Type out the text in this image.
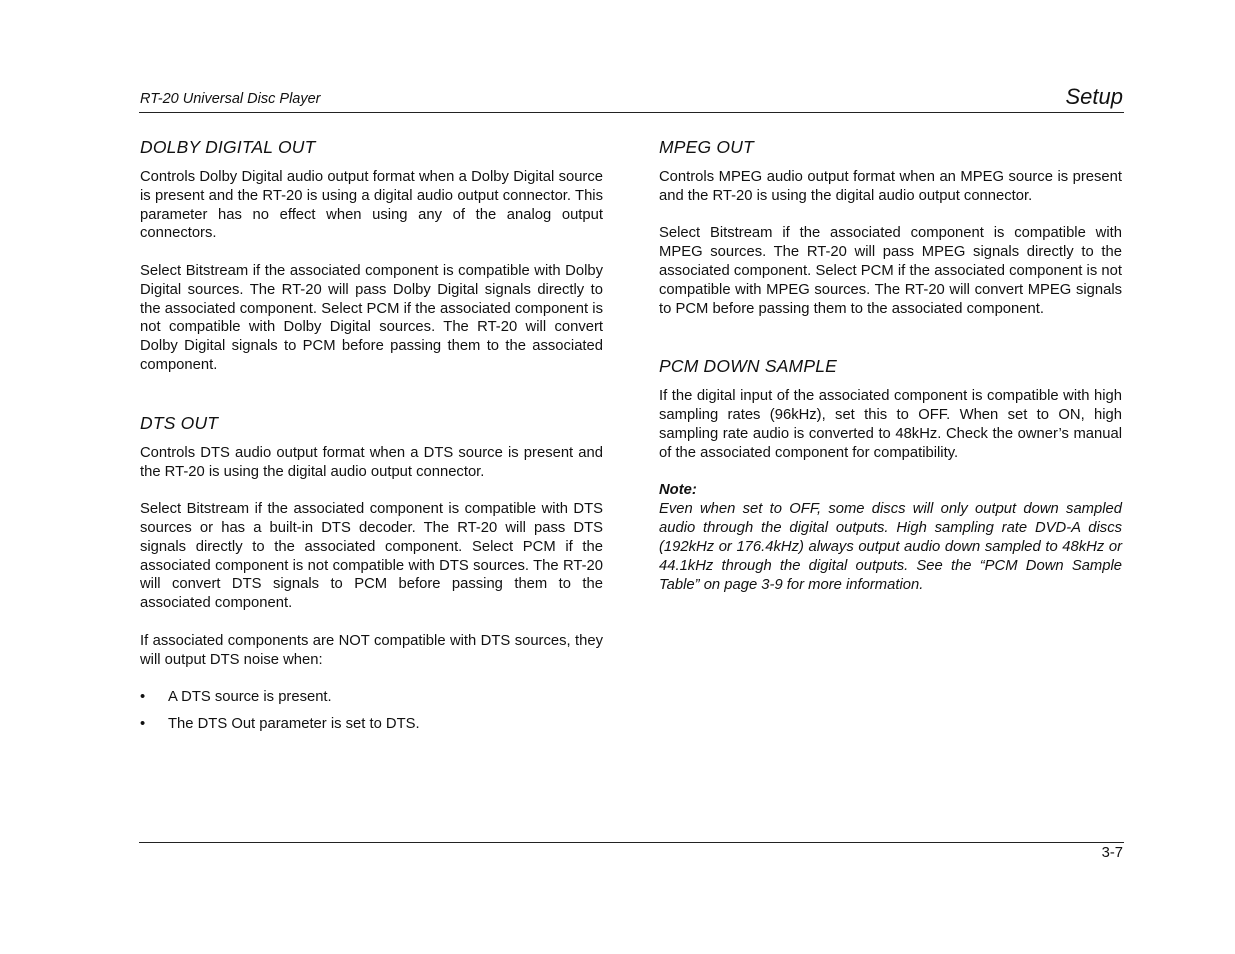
RT-20 Universal Disc Player	Setup
DOLBY DIGITAL OUT

Controls Dolby Digital audio output format when a Dolby Digital source is present and the RT-20 is using a digital audio output connector. This parameter has no effect when using any of the analog output connectors.

Select Bitstream if the associated component is compatible with Dolby Digital sources. The RT-20 will pass Dolby Digital signals directly to the associated component. Select PCM if the associated component is not compatible with Dolby Digital sources. The RT-20 will convert Dolby Digital signals to PCM before passing them to the associated component.

DTS OUT

Controls DTS audio output format when a DTS source is present and the RT-20 is using the digital audio output connector.

Select Bitstream if the associated component is compatible with DTS sources or has a built-in DTS decoder. The RT-20 will pass DTS signals directly to the associated component. Select PCM if the associated component is not compatible with DTS sources. The RT-20 will convert DTS signals to PCM before passing them to the associated component.

If associated components are NOT compatible with DTS sources, they will output DTS noise when:

• A DTS source is present.
• The DTS Out parameter is set to DTS.
MPEG OUT

Controls MPEG audio output format when an MPEG source is present and the RT-20 is using the digital audio output connector.

Select Bitstream if the associated component is compatible with MPEG sources. The RT-20 will pass MPEG signals directly to the associated component. Select PCM if the associated component is not compatible with MPEG sources. The RT-20 will convert MPEG signals to PCM before passing them to the associated component.

PCM DOWN SAMPLE

If the digital input of the associated component is compatible with high sampling rates (96kHz), set this to OFF. When set to ON, high sampling rate audio is converted to 48kHz. Check the owner’s manual of the associated component for compatibility.

Note:

Even when set to OFF, some discs will only output down sampled audio through the digital outputs. High sampling rate DVD-A discs (192kHz or 176.4kHz) always output audio down sampled to 48kHz or 44.1kHz through the digital outputs. See the “PCM Down Sample Table” on page 3-9 for more information.

3-7
